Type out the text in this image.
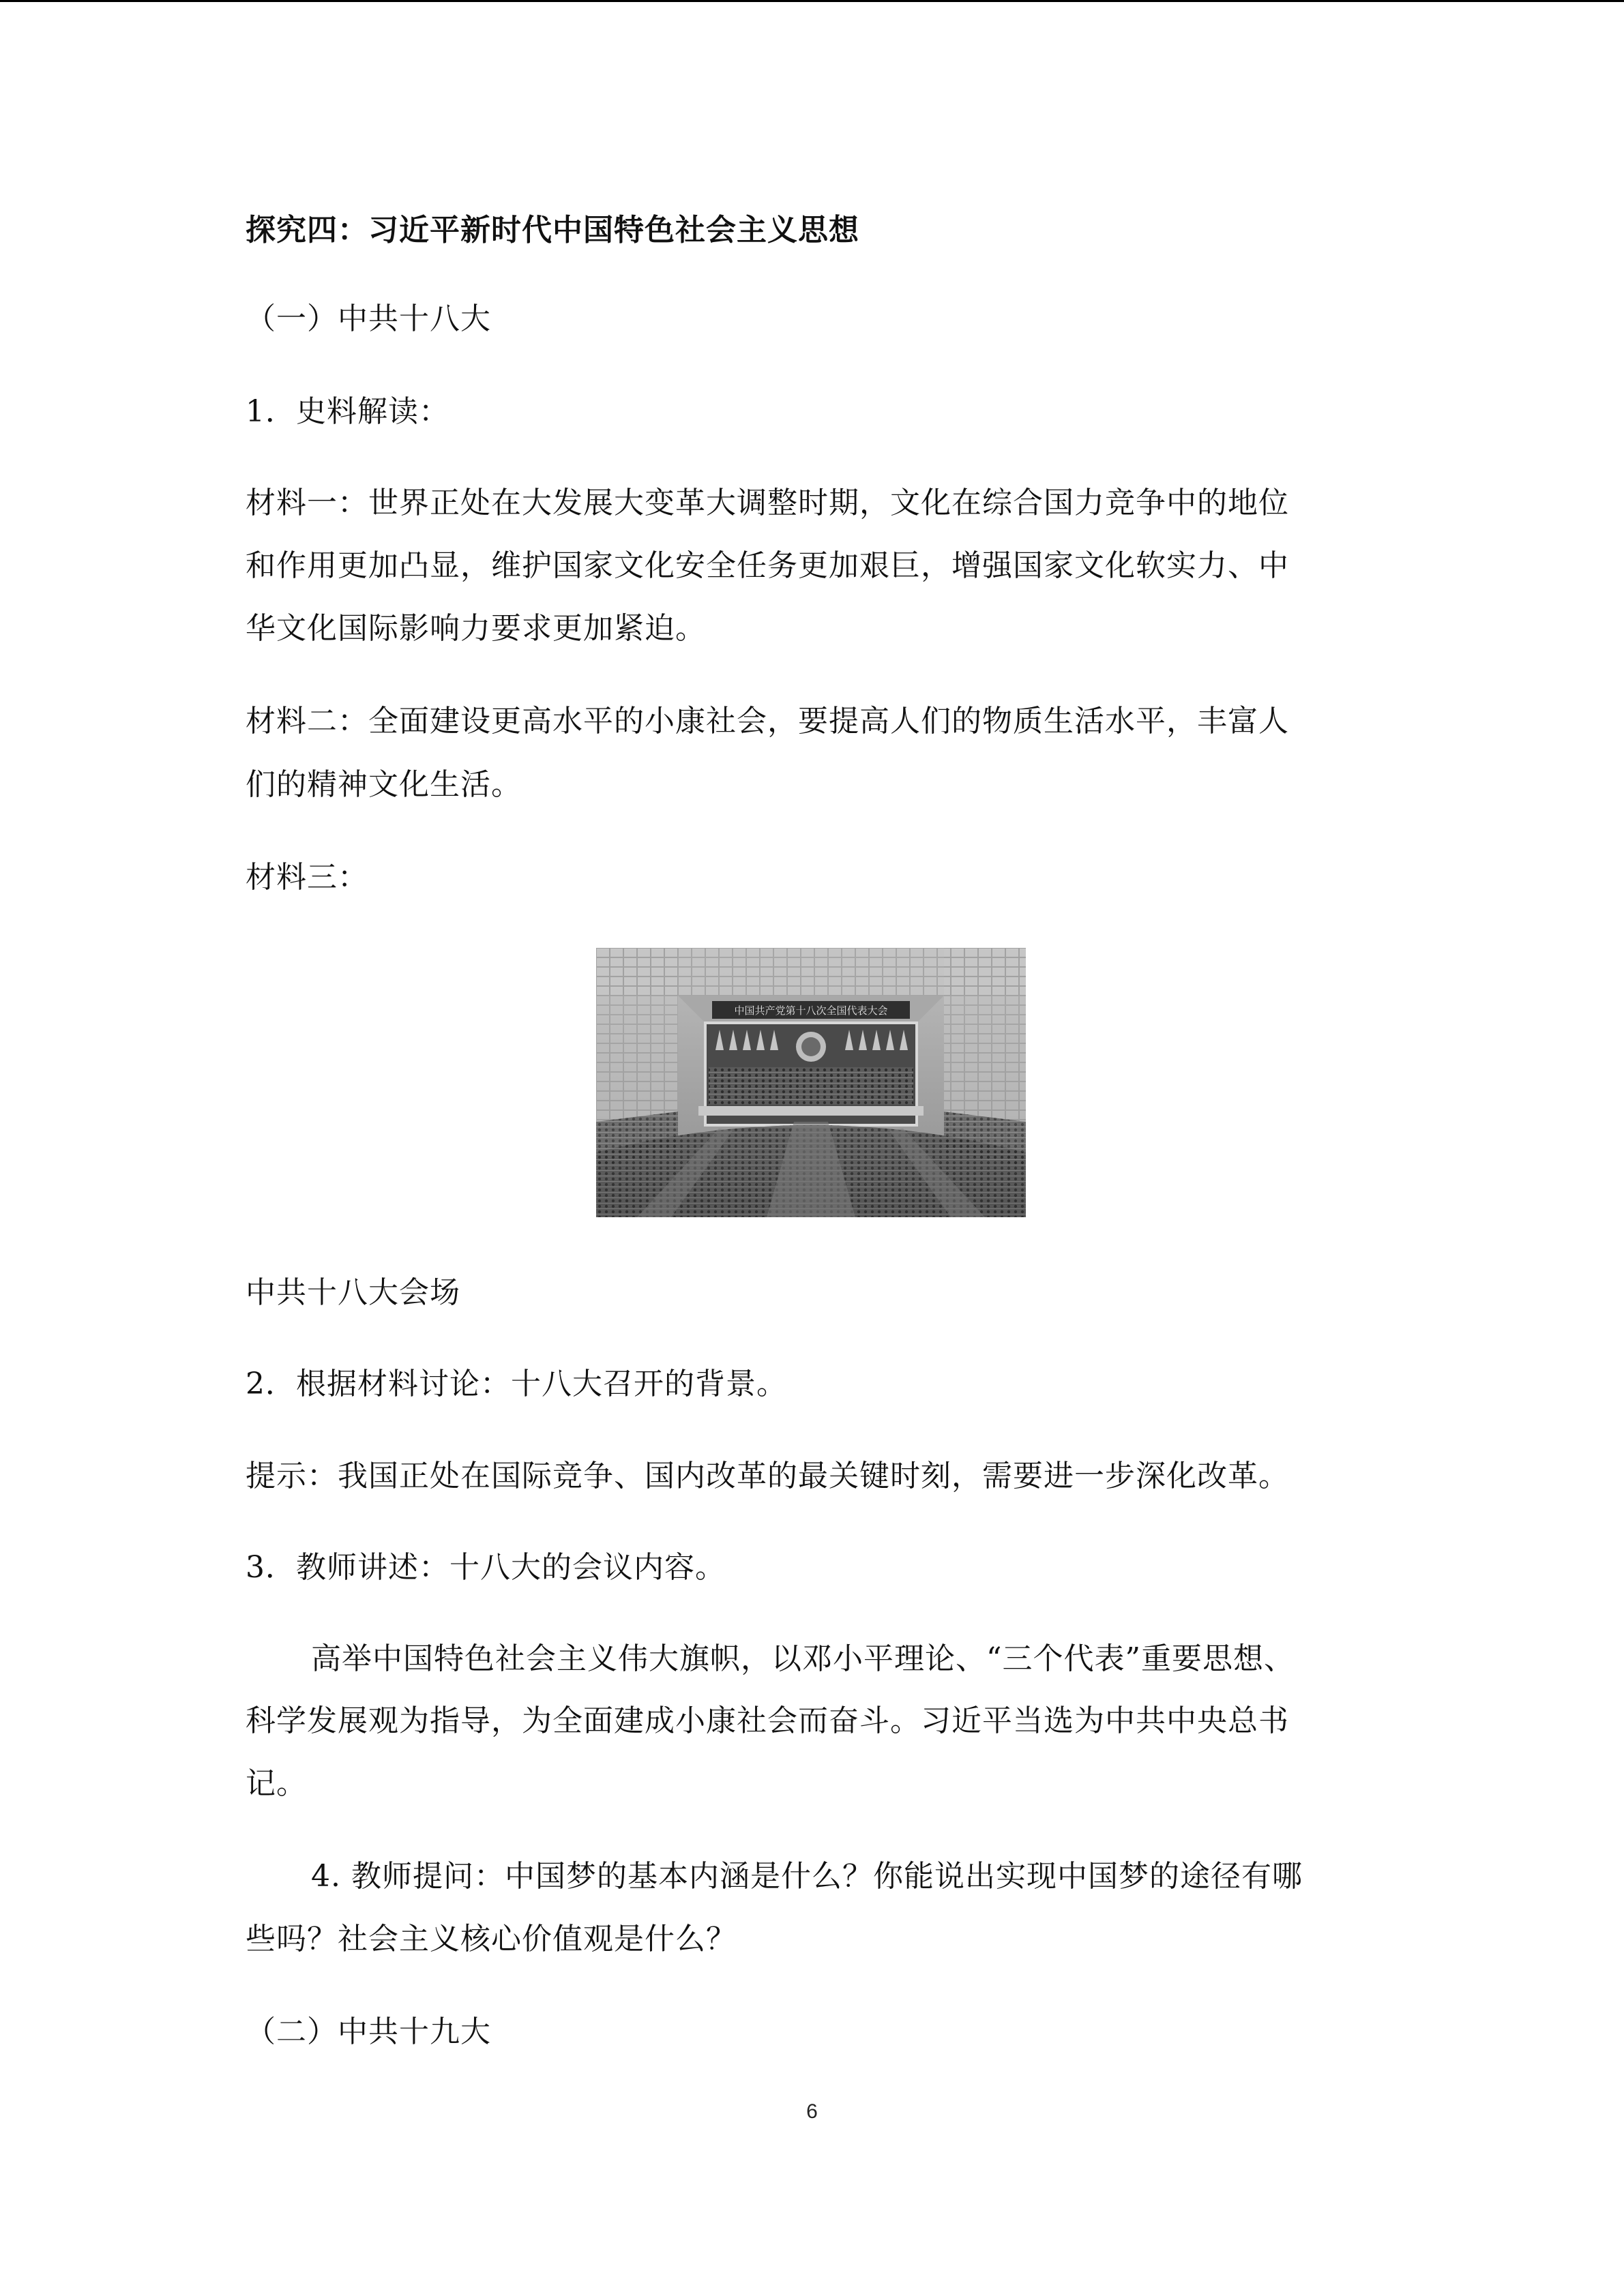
探究四：习近平新时代中国特色社会主义思想
（一）中共十八大
1．史料解读：
材料一：世界正处在大发展大变革大调整时期，文化在综合国力竞争中的地位
和作用更加凸显，维护国家文化安全任务更加艰巨，增强国家文化软实力、中
华文化国际影响力要求更加紧迫。
材料二：全面建设更高水平的小康社会，要提高人们的物质生活水平，丰富人
们的精神文化生活。
材料三：
中国共产党第十八次全国代表大会
中共十八大会场
2．根据材料讨论：十八大召开的背景。
提示：我国正处在国际竞争、国内改革的最关键时刻，需要进一步深化改革。
3．教师讲述：十八大的会议内容。
高举中国特色社会主义伟大旗帜，以邓小平理论、“三个代表”重要思想、
科学发展观为指导，为全面建成小康社会而奋斗。习近平当选为中共中央总书
记。
4. 教师提问：中国梦的基本内涵是什么？你能说出实现中国梦的途径有哪
些吗？社会主义核心价值观是什么？
（二）中共十九大
6
